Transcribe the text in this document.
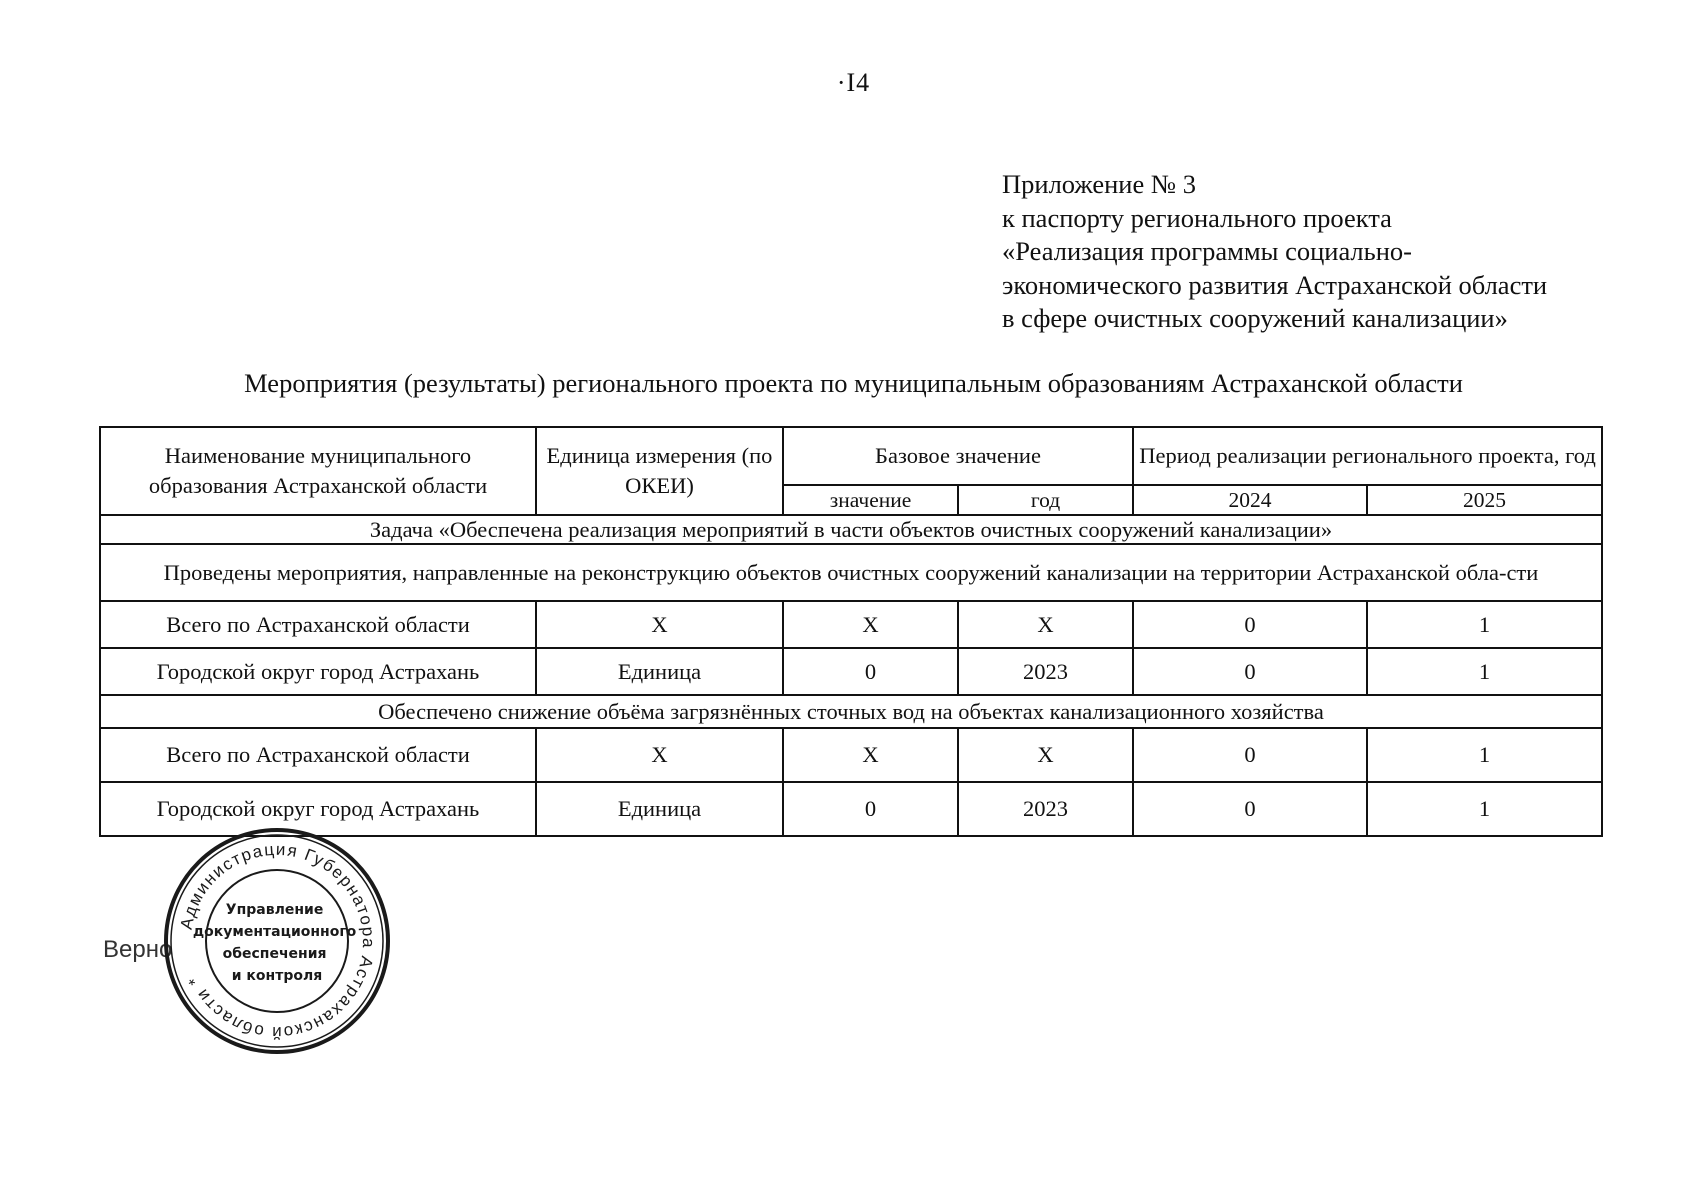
·I4
Приложение № 3
к паспорту регионального проекта
«Реализация программы социально-
экономического развития Астраханской области
в сфере очистных сооружений канализации»
Мероприятия (результаты) регионального проекта по муниципальным образованиям Астраханской области
Наименование муниципального образования Астраханской области	Единица измерения (по ОКЕИ)	Базовое значение		Период реализации регионального проекта, год	
		значение	год	2024	2025
Задача «Обеспечена реализация мероприятий в части объектов очистных сооружений канализации»					
Проведены мероприятия, направленные на реконструкцию объектов очистных сооружений канализации на территории Астраханской обла-сти					
Всего по Астраханской области	Х	Х	Х	0	1
Городской округ город Астрахань	Единица	0	2023	0	1
Обеспечено снижение объёма загрязнённых сточных вод на объектах канализационного хозяйства					
Всего по Астраханской области	Х	Х	Х	0	1
Городской округ город Астрахань	Единица	0	2023	0	1
Верно
Администрация Губернатора Астраханской области *
Управление документационного обеспечения и контроля
